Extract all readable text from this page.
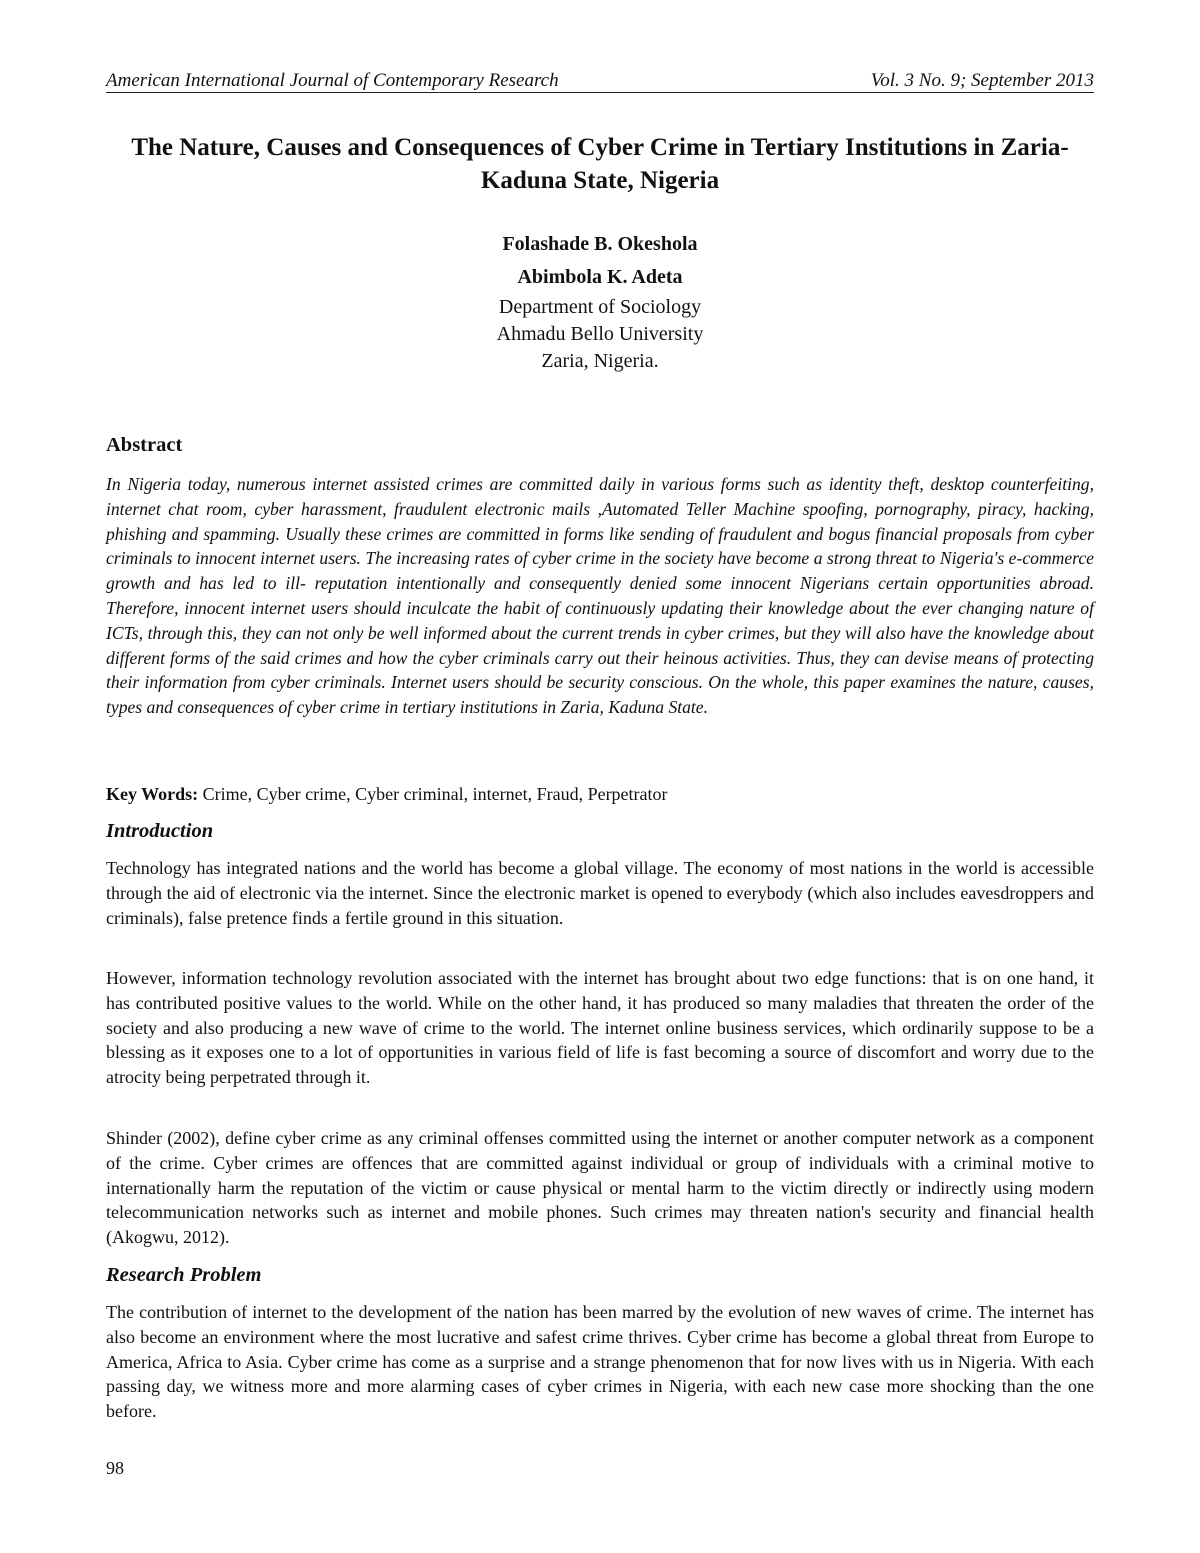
American International Journal of Contemporary Research	Vol. 3 No. 9; September 2013
The Nature, Causes and Consequences of Cyber Crime in Tertiary Institutions in Zaria-Kaduna State, Nigeria
Folashade B. Okeshola
Abimbola K. Adeta
Department of Sociology
Ahmadu Bello University
Zaria, Nigeria.
Abstract
In Nigeria today, numerous internet assisted crimes are committed daily in various forms such as identity theft, desktop counterfeiting, internet chat room, cyber harassment, fraudulent electronic mails ,Automated Teller Machine spoofing, pornography, piracy, hacking, phishing and spamming. Usually these crimes are committed in forms like sending of fraudulent and bogus financial proposals from cyber criminals to innocent internet users. The increasing rates of cyber crime in the society have become a strong threat to Nigeria's e-commerce growth and has led to ill- reputation intentionally and consequently denied some innocent Nigerians certain opportunities abroad. Therefore, innocent internet users should inculcate the habit of continuously updating their knowledge about the ever changing nature of ICTs, through this, they can not only be well informed about the current trends in cyber crimes, but they will also have the knowledge about different forms of the said crimes and how the cyber criminals carry out their heinous activities. Thus, they can devise means of protecting their information from cyber criminals. Internet users should be security conscious. On the whole, this paper examines the nature, causes, types and consequences of cyber crime in tertiary institutions in Zaria, Kaduna State.
Key Words: Crime, Cyber crime, Cyber criminal, internet, Fraud, Perpetrator
Introduction
Technology has integrated nations and the world has become a global village. The economy of most nations in the world is accessible through the aid of electronic via the internet. Since the electronic market is opened to everybody (which also includes eavesdroppers and criminals), false pretence finds a fertile ground in this situation.
However, information technology revolution associated with the internet has brought about two edge functions: that is on one hand, it has contributed positive values to the world. While on the other hand, it has produced so many maladies that threaten the order of the society and also producing a new wave of crime to the world. The internet online business services, which ordinarily suppose to be a blessing as it exposes one to a lot of opportunities in various field of life is fast becoming a source of discomfort and worry due to the atrocity being perpetrated through it.
Shinder (2002), define cyber crime as any criminal offenses committed using the internet or another computer network as a component of the crime. Cyber crimes are offences that are committed against individual or group of individuals with a criminal motive to internationally harm the reputation of the victim or cause physical or mental harm to the victim directly or indirectly using modern telecommunication networks such as internet and mobile phones. Such crimes may threaten nation's security and financial health (Akogwu, 2012).
Research Problem
The contribution of internet to the development of the nation has been marred by the evolution of new waves of crime. The internet has also become an environment where the most lucrative and safest crime thrives. Cyber crime has become a global threat from Europe to America, Africa to Asia. Cyber crime has come as a surprise and a strange phenomenon that for now lives with us in Nigeria. With each passing day, we witness more and more alarming cases of cyber crimes in Nigeria, with each new case more shocking than the one before.
98
